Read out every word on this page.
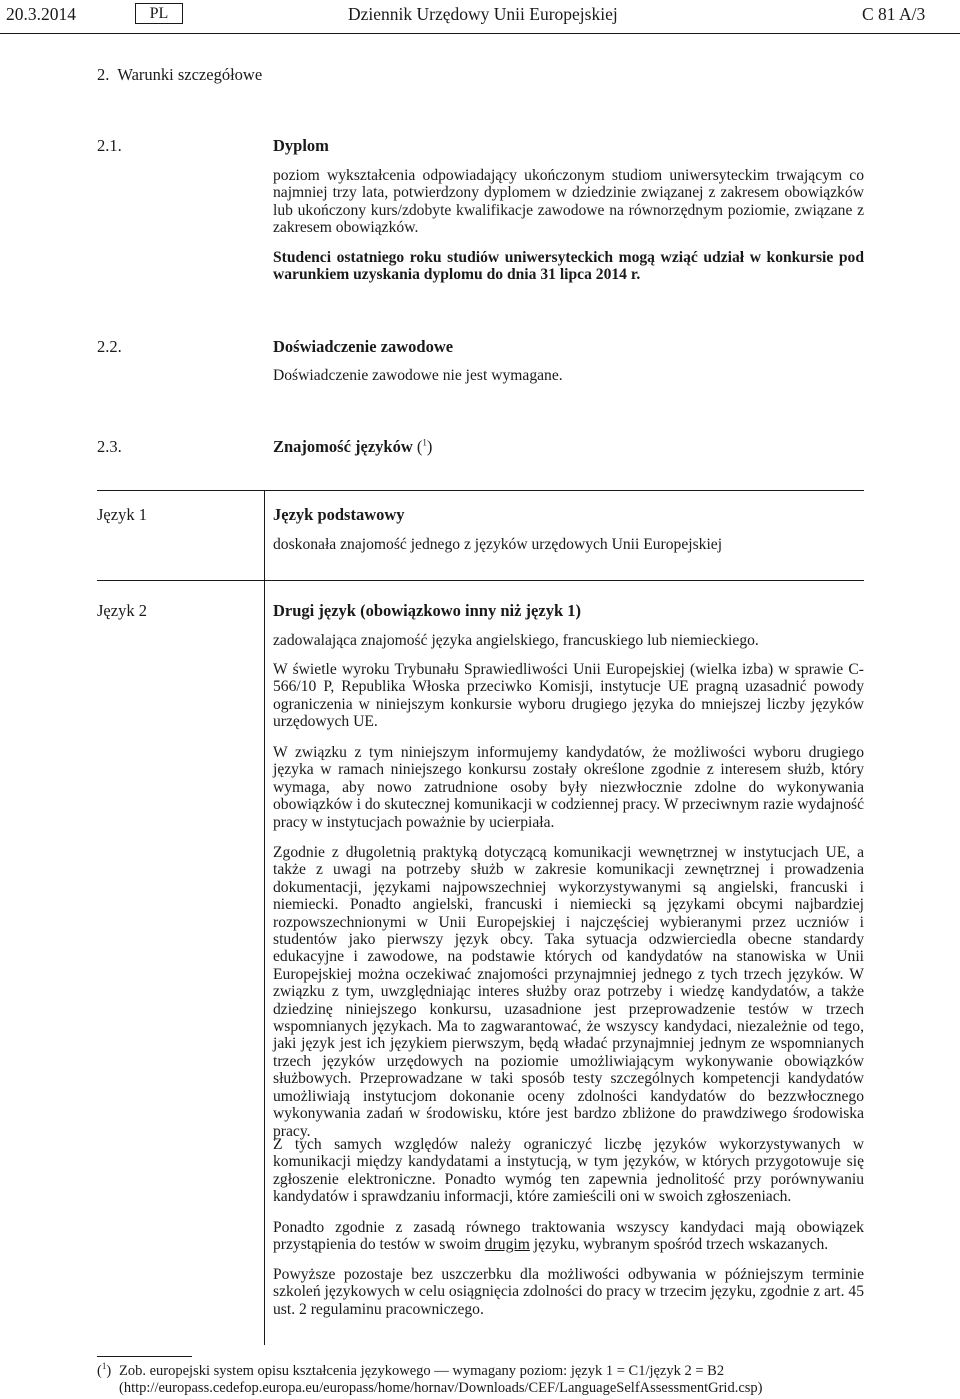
20.3.2014	PL	Dziennik Urzędowy Unii Europejskiej	C 81 A/3
2. Warunki szczegółowe
2.1.	Dyplom

poziom wykształcenia odpowiadający ukończonym studiom uniwersyteckim trwającym co najmniej trzy lata, potwierdzony dyplomem w dziedzinie związanej z zakresem obowiązków lub ukończony kurs/zdobyte kwalifikacje zawodowe na równorzędnym poziomie, związane z zakresem obowiązków.

Studenci ostatniego roku studiów uniwersyteckich mogą wziąć udział w konkursie pod warunkiem uzyskania dyplomu do dnia 31 lipca 2014 r.

2.2.	Doświadczenie zawodowe

Doświadczenie zawodowe nie jest wymagane.

2.3.	Znajomość języków ($^1$)
Język 1	Język podstawowy

doskonała znajomość jednego z języków urzędowych Unii Europejskiej

Język 2	Drugi język (obowiązkowo inny niż język 1)

zadowalająca znajomość języka angielskiego, francuskiego lub niemieckiego.

W świetle wyroku Trybunału Sprawiedliwości Unii Europejskiej (wielka izba) w sprawie C-566/10 P, Republika Włoska przeciwko Komisji, instytucje UE pragną uzasadnić powody ograniczenia w niniejszym konkursie wyboru drugiego języka do mniejszej liczby języków urzędowych UE.

W związku z tym niniejszym informujemy kandydatów, że możliwości wyboru drugiego języka w ramach niniejszego konkursu zostały określone zgodnie z interesem służb, który wymaga, aby nowo zatrudnione osoby były niezwłocznie zdolne do wykonywania obowiązków i do skutecznej komunikacji w codziennej pracy. W przeciwnym razie wydajność pracy w instytucjach poważnie by ucierpiała.

Zgodnie z długoletnią praktyką dotyczącą komunikacji wewnętrznej w instytucjach UE, a także z uwagi na potrzeby służb w zakresie komunikacji zewnętrznej i prowadzenia dokumentacji, językami najpowszechniej wykorzystywanymi są angielski, francuski i niemiecki. Ponadto angielski, francuski i niemiecki są językami obcymi najbardziej rozpowszechnionymi w Unii Europejskiej i najczęściej wybieranymi przez uczniów i studentów jako pierwszy język obcy. Taka sytuacja odzwierciedla obecne standardy edukacyjne i zawodowe, na podstawie których od kandydatów na stanowiska w Unii Europejskiej można oczekiwać znajomości przynajmniej jednego z tych trzech języków. W związku z tym, uwzględniając interes służby oraz potrzeby i wiedzę kandydatów, a także dziedzinę niniejszego konkursu, uzasadnione jest przeprowadzenie testów w trzech wspomnianych językach. Ma to zagwarantować, że wszyscy kandydaci, niezależnie od tego, jaki język jest ich językiem pierwszym, będą władać przynajmniej jednym ze wspomnianych trzech języków urzędowych na poziomie umożliwiającym wykonywanie obowiązków służbowych. Przeprowadzane w taki sposób testy szczególnych kompetencji kandydatów umożliwiają instytucjom dokonanie oceny zdolności kandydatów do bezzwłocznego wykonywania zadań w środowisku, które jest bardzo zbliżone do prawdziwego środowiska pracy.

Z tych samych względów należy ograniczyć liczbę języków wykorzystywanych w komunikacji między kandydatami a instytucją, w tym języków, w których przygotowuje się zgłoszenie elektroniczne. Ponadto wymóg ten zapewnia jednolitość przy porównywaniu kandydatów i sprawdzaniu informacji, które zamieścili oni w swoich zgłoszeniach.

Ponadto zgodnie z zasadą równego traktowania wszyscy kandydaci mają obowiązek przystąpienia do testów w swoim drugim języku, wybranym spośród trzech wskazanych.

Powyższe pozostaje bez uszczerbku dla możliwości odbywania w późniejszym terminie szkoleń językowych w celu osiągnięcia zdolności do pracy w trzecim języku, zgodnie z art. 45 ust. 2 regulaminu pracowniczego.

($^1$) Zob. europejski system opisu kształcenia językowego — wymagany poziom: język 1 = C1/język 2 = B2
(http://europass.cedefop.europa.eu/europass/home/hornav/Downloads/CEF/LanguageSelfAssessmentGrid.csp)
